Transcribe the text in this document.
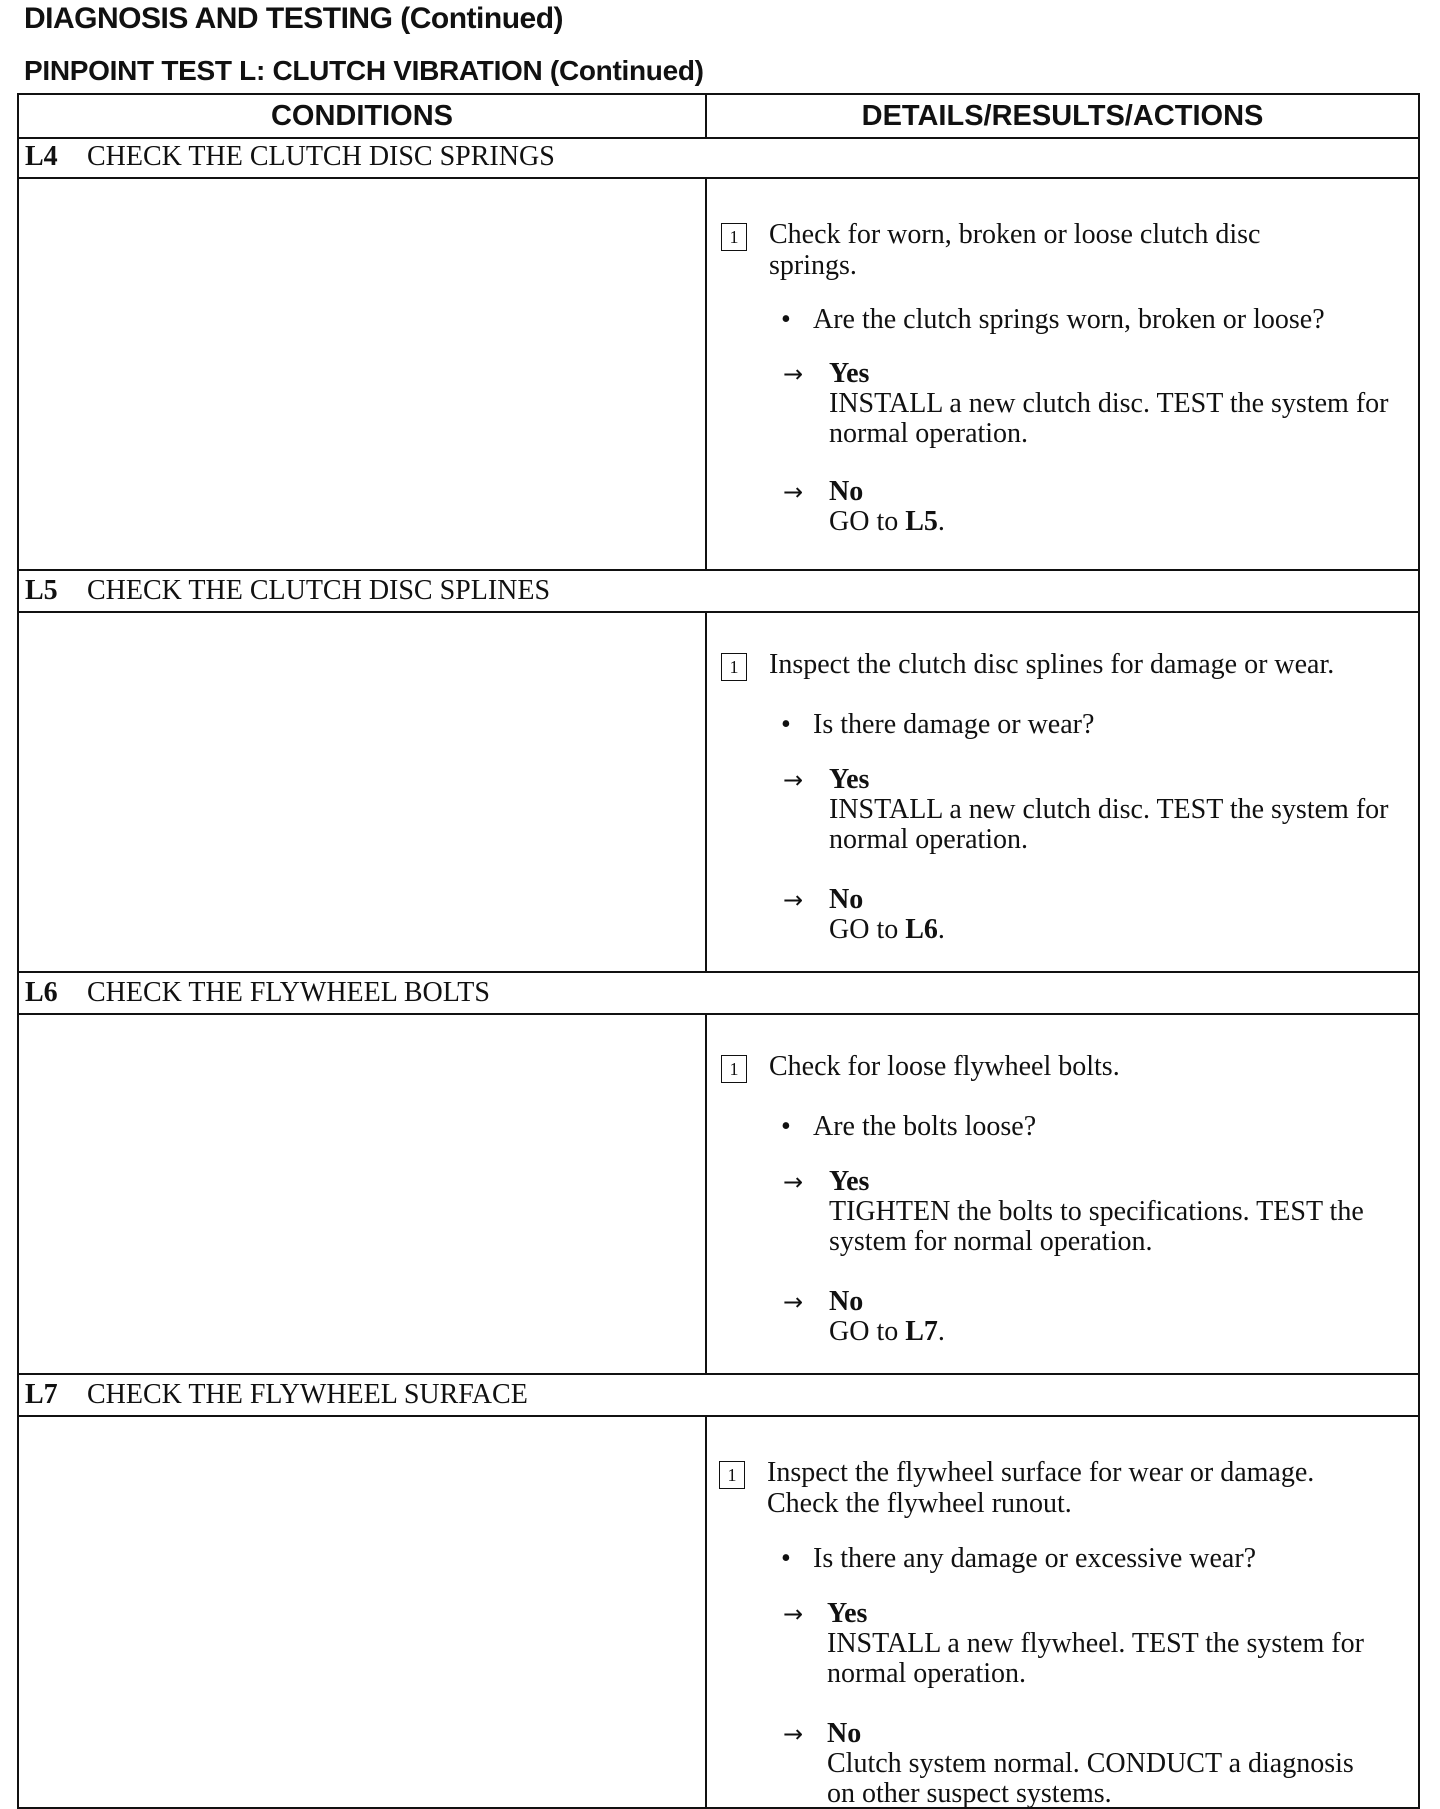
DIAGNOSIS AND TESTING (Continued)
PINPOINT TEST L: CLUTCH VIBRATION (Continued)
CONDITIONS	DETAILS/RESULTS/ACTIONS
L4 CHECK THE CLUTCH DISC SPRINGS
1	Check for worn, broken or loose clutch disc springs.
• Are the clutch springs worn, broken or loose?
→ Yes
INSTALL a new clutch disc. TEST the system for normal operation.
→ No
GO to L5.
L5 CHECK THE CLUTCH DISC SPLINES
1	Inspect the clutch disc splines for damage or wear.
• Is there damage or wear?
→ Yes
INSTALL a new clutch disc. TEST the system for normal operation.
→ No
GO to L6.
L6 CHECK THE FLYWHEEL BOLTS
1	Check for loose flywheel bolts.
• Are the bolts loose?
→ Yes
TIGHTEN the bolts to specifications. TEST the system for normal operation.
→ No
GO to L7.
L7 CHECK THE FLYWHEEL SURFACE
1	Inspect the flywheel surface for wear or damage. Check the flywheel runout.
• Is there any damage or excessive wear?
→ Yes
INSTALL a new flywheel. TEST the system for normal operation.
→ No
Clutch system normal. CONDUCT a diagnosis on other suspect systems.
